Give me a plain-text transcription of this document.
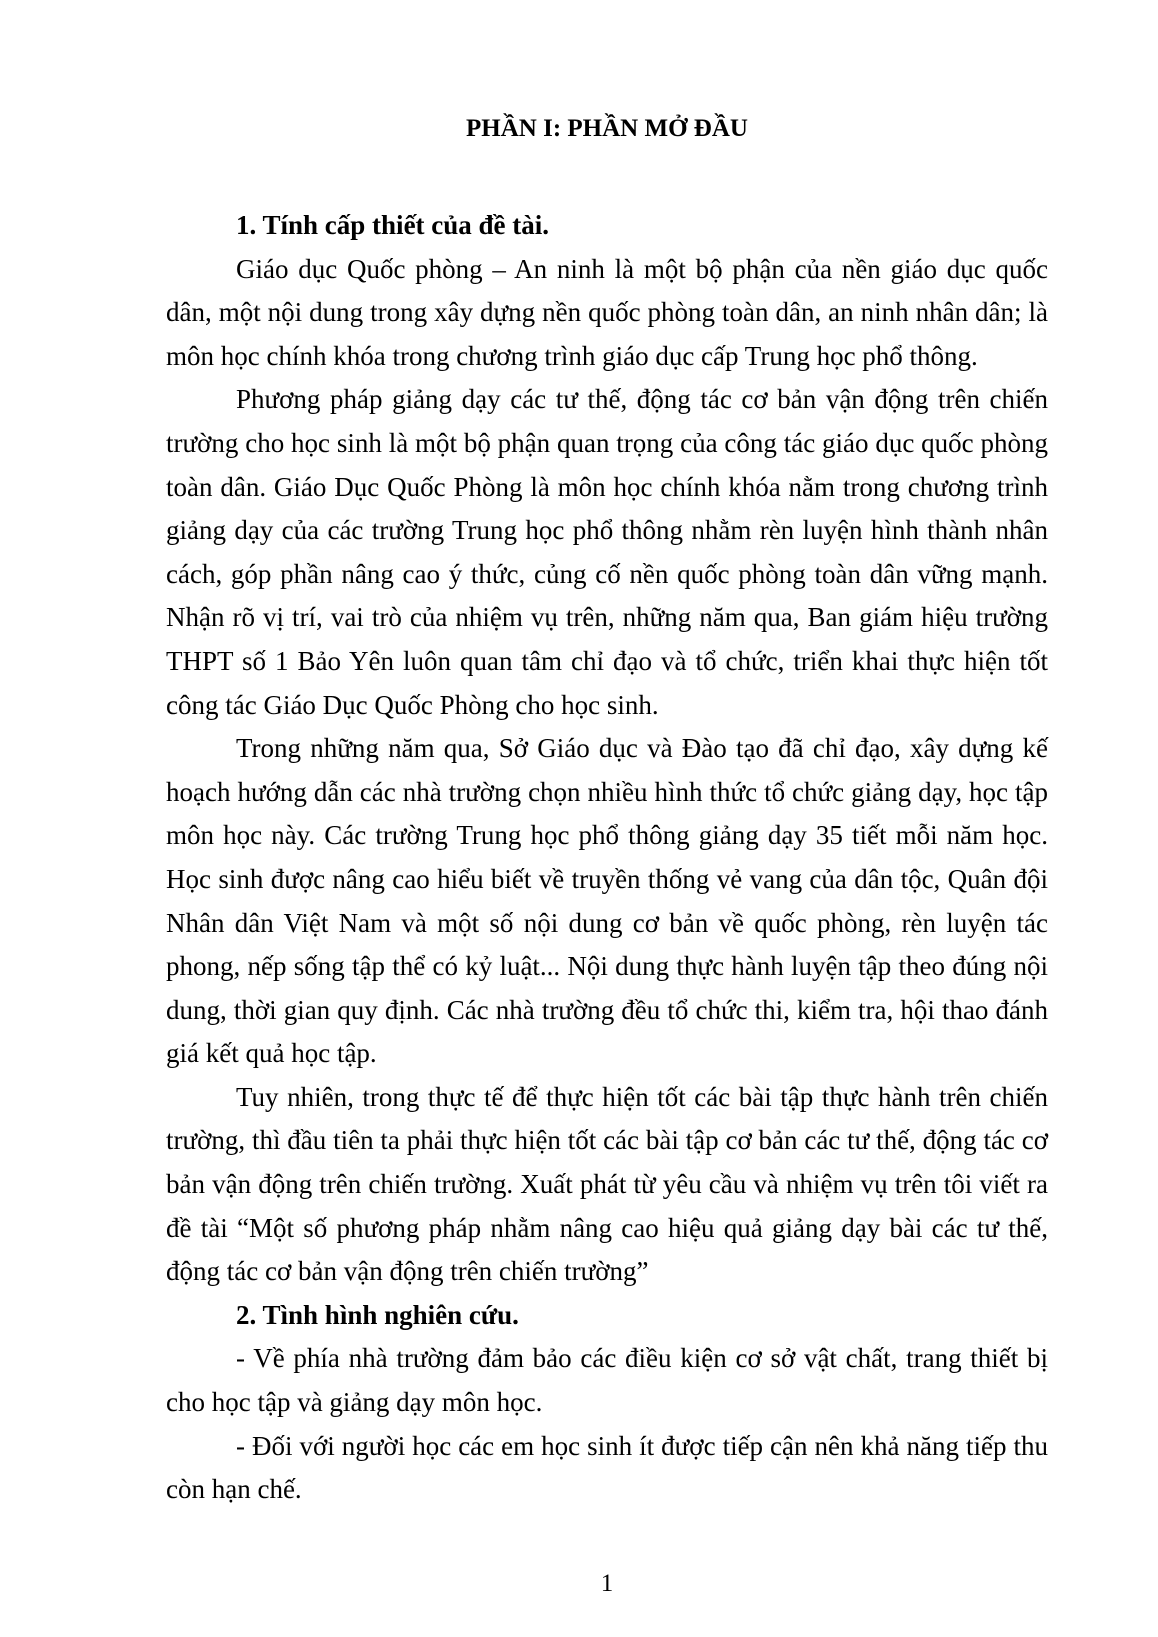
PHẦN I: PHẦN MỞ ĐẦU
1. Tính cấp thiết của đề tài.

Giáo dục Quốc phòng – An ninh là một bộ phận của nền giáo dục quốc dân, một nội dung trong xây dựng nền quốc phòng toàn dân, an ninh nhân dân; là môn học chính khóa trong chương trình giáo dục cấp Trung học phổ thông.

Phương pháp giảng dạy các tư thế, động tác cơ bản vận động trên chiến trường cho học sinh là một bộ phận quan trọng của công tác giáo dục quốc phòng toàn dân. Giáo Dục Quốc Phòng là môn học chính khóa nằm trong chương trình giảng dạy của các trường Trung học phổ thông nhằm rèn luyện hình thành nhân cách, góp phần nâng cao ý thức, củng cố nền quốc phòng toàn dân vững mạnh. Nhận rõ vị trí, vai trò của nhiệm vụ trên, những năm qua, Ban giám hiệu trường THPT số 1 Bảo Yên luôn quan tâm chỉ đạo và tổ chức, triển khai thực hiện tốt công tác Giáo Dục Quốc Phòng cho học sinh.

Trong những năm qua, Sở Giáo dục và Đào tạo đã chỉ đạo, xây dựng kế hoạch hướng dẫn các nhà trường chọn nhiều hình thức tổ chức giảng dạy, học tập môn học này. Các trường Trung học phổ thông giảng dạy 35 tiết mỗi năm học. Học sinh được nâng cao hiểu biết về truyền thống vẻ vang của dân tộc, Quân đội Nhân dân Việt Nam và một số nội dung cơ bản về quốc phòng, rèn luyện tác phong, nếp sống tập thể có kỷ luật... Nội dung thực hành luyện tập theo đúng nội dung, thời gian quy định. Các nhà trường đều tổ chức thi, kiểm tra, hội thao đánh giá kết quả học tập.

Tuy nhiên, trong thực tế để thực hiện tốt các bài tập thực hành trên chiến trường, thì đầu tiên ta phải thực hiện tốt các bài tập cơ bản các tư thế, động tác cơ bản vận động trên chiến trường. Xuất phát từ yêu cầu và nhiệm vụ trên tôi viết ra đề tài “Một số phương pháp nhằm nâng cao hiệu quả giảng dạy bài các tư thế, động tác cơ bản vận động trên chiến trường”

2. Tình hình nghiên cứu.

- Về phía nhà trường đảm bảo các điều kiện cơ sở vật chất, trang thiết bị cho học tập và giảng dạy môn học.

- Đối với người học các em học sinh ít được tiếp cận nên khả năng tiếp thu còn hạn chế.

1
